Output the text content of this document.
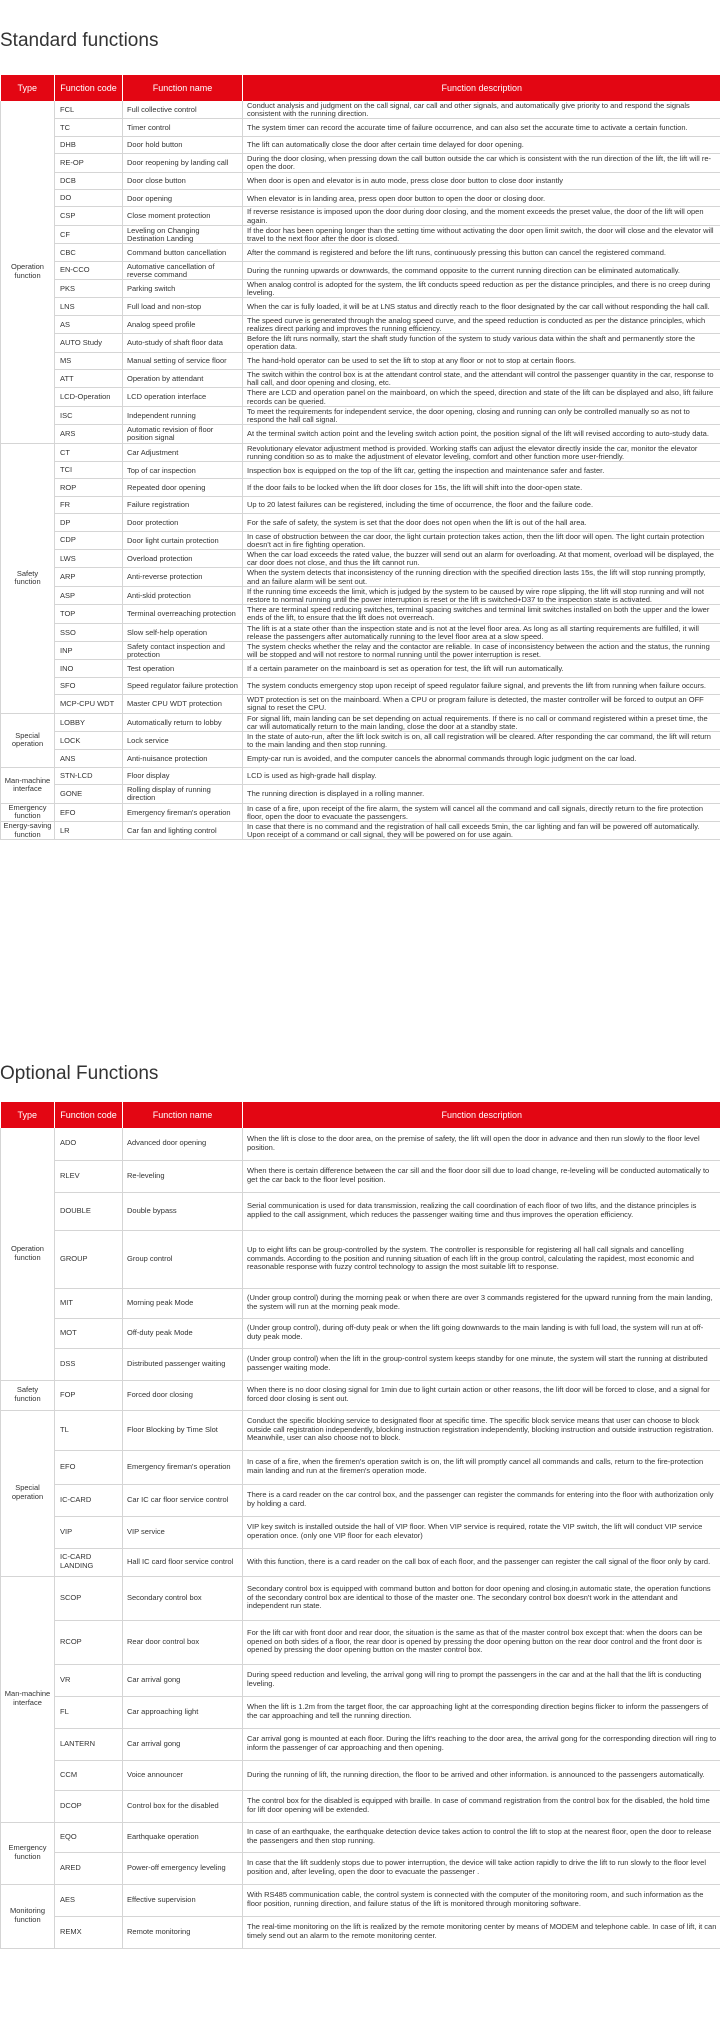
Standard functions
Type	Function code	Function name	Function description
Operation function	FCL	Full collective control	Conduct analysis and judgment on the call signal, car call and other signals, and automatically give priority to and respond the signals consistent with the running direction.
	TC	Timer control	The system timer can record the accurate time of failure occurrence, and can also set the accurate time to activate a certain function.
	DHB	Door hold button	The lift can automatically close the door after certain time delayed for door opening.
	RE-OP	Door reopening by landing call	During the door closing, when pressing down the call button outside the car which is consistent with the run direction of the lift, the lift will re-open the door.
	DCB	Door close button	When door is open and elevator is in auto mode, press close door button to close door instantly
	DO	Door opening	When elevator is in landing area, press open door button to open the door or closing door.
	CSP	Close moment protection	If reverse resistance is imposed upon the door during door closing, and the moment exceeds the preset value, the door of the lift will open again.
	CF	Leveling on Changing Destination Landing	If the door has been opening longer than the setting time without activating the door open limit switch, the door will close and the elevator will travel to the next floor after the door is closed.
	CBC	Command button cancellation	After the command is registered and before the lift runs, continuously pressing this button can cancel the registered command.
	EN-CCO	Automative cancellation of reverse command	During the running upwards or downwards, the command opposite to the current running direction can be eliminated automatically.
	PKS	Parking switch	When analog control is adopted for the system, the lift conducts speed reduction as per the distance principles, and there is no creep during leveling.
	LNS	Full load and non-stop	When the car is fully loaded, it will be at LNS status and directly reach to the floor designated by the car call without responding the hall call.
	AS	Analog speed profile	The speed curve is generated through the analog speed curve, and the speed reduction is conducted as per the distance principles, which realizes direct parking and improves the running efficiency.
	AUTO Study	Auto-study of shaft floor data	Before the lift runs normally, start the shaft study function of the system to study various data within the shaft and permanently store the operation data.
	MS	Manual setting of service floor	The hand-hold operator can be used to set the lift to stop at any floor or not to stop at certain floors.
	ATT	Operation by attendant	The switch within the control box is at the attendant control state, and the attendant will control the passenger quantity in the car, response to hall call, and door opening and closing, etc.
	LCD-Operation	LCD operation interface	There are LCD and operation panel on the mainboard, on which the speed, direction and state of the lift can be displayed and also, lift failure records can be queried.
	ISC	Independent running	To meet the requirements for independent service, the door opening, closing and running can only be controlled manually so as not to respond the hall call signal.
	ARS	Automatic revision of floor position signal	At the terminal switch action point and the leveling switch action point, the position signal of the lift will revised according to auto-study data.
Safety function	CT	Car Adjustment	Revolutionary elevator adjustment method is provided. Working staffs can adjust the elevator directly inside the car, monitor the elevator running condition so as to make the adjustment of elevator leveling, comfort and other function more user-friendly.
	TCI	Top of car inspection	Inspection box is equipped on the top of the lift car, getting the inspection and maintenance safer and faster.
	ROP	Repeated door opening	If the door fails to be locked when the lift door closes for 15s, the lift will shift into the door-open state.
	FR	Failure registration	Up to 20 latest failures can be registered, including the time of occurrence, the floor and the failure code.
	DP	Door protection	For the safe of safety, the system is set that the door does not open when the lift is out of the hall area.
	CDP	Door light curtain protection	In case of obstruction between the car door, the light curtain protection takes action, then the lift door will open. The light curtain protection doesn't act in fire fighting operation.
	LWS	Overload protection	When the car load exceeds the rated value, the buzzer will send out an alarm for overloading. At that moment, overload will be displayed, the car door does not close, and thus the lift cannot run.
	ARP	Anti-reverse protection	When the system detects that inconsistency of the running direction with the specified direction lasts 15s, the lift will stop running promptly, and an failure alarm will be sent out.
	ASP	Anti-skid protection	If the running time exceeds the limit, which is judged by the system to be caused by wire rope slipping, the lift will stop running and will not restore to normal running until the power interruption is reset or the lift is switched+D37 to the inspection state is activated.
	TOP	Terminal overreaching protection	There are terminal speed reducing switches, terminal spacing switches and terminal limit switches installed on both the upper and the lower ends of the lift, to ensure that the lift does not overreach.
	SSO	Slow self-help operation	The lift is at a state other than the inspection state and is not at the level floor area. As long as all starting requirements are fulfilled, it will release the passengers after automatically running to the level floor area at a slow speed.
	INP	Safety contact inspection and protection	The system checks whether the relay and the contactor are reliable. In case of inconsistency between the action and the status, the running will be stopped and will not restore to normal running until the power interruption is reset.
	INO	Test operation	If a certain parameter on the mainboard is set as operation for test, the lift will run automatically.
	SFO	Speed regulator failure protection	The system conducts emergency stop upon receipt of speed regulator failure signal, and prevents the lift from running when failure occurs.
	MCP-CPU WDT	Master CPU WDT protection	WDT protection is set on the mainboard. When a CPU or program failure is detected, the master controller will be forced to output an OFF signal to reset the CPU.
Special operation	LOBBY	Automatically return to lobby	For signal lift, main landing can be set depending on actual requirements. If there is no call or command registered within a preset time, the car will automatically return to the main landing, close the door at a standby state.
	LOCK	Lock service	In the state of auto-run, after the lift lock switch is on, all call registration will be cleared. After responding the car command, the lift will return to the main landing and then stop running.
	ANS	Anti-nuisance protection	Empty-car run is avoided, and the computer cancels the abnormal commands through logic judgment on the car load.
Man-machine interface	STN-LCD	Floor display	LCD is used as high-grade hall display.
	GONE	Rolling display of running direction	The running direction is displayed in a rolling manner.
Emergency function	EFO	Emergency fireman's operation	In case of a fire, upon receipt of the fire alarm, the system will cancel all the command and call signals, directly return to the fire protection floor, open the door to evacuate the passengers.
Energy-saving function	LR	Car fan and lighting control	In case that there is no command and the registration of hall call exceeds 5min, the car lighting and fan will be powered off automatically. Upon receipt of a command or call signal, they will be powered on for use again.
Optional Functions
Type	Function code	Function name	Function description
Operation function	ADO	Advanced door opening	When the lift is close to the door area, on the premise of safety, the lift will open the door in advance and then run slowly to the floor level position.
	RLEV	Re-leveling	When there is certain difference between the car sill and the floor door sill due to load change, re-leveling will be conducted automatically to get the car back to the floor level position.
	DOUBLE	Double bypass	Serial communication is used for data transmission, realizing the call coordination of each floor of two lifts, and the distance principles is applied to the call assignment, which reduces the passenger waiting time and thus improves the operation efficiency.
	GROUP	Group control	Up to eight lifts can be group-controlled by the system. The controller is responsible for registering all hall call signals and cancelling commands. According to the position and running situation of each lift in the group control, calculating the rapidest, most economic and reasonable response with fuzzy control technology to assign the most suitable lift to response.
	MIT	Morning peak Mode	(Under group control) during the morning peak or when there are over 3 commands registered for the upward running from the main landing, the system will run at the morning peak mode.
	MOT	Off-duty peak Mode	(Under group control), during off-duty peak or when the lift going downwards to the main landing is with full load, the system will run at off-duty peak mode.
	DSS	Distributed passenger waiting	(Under group control) when the lift in the group-control system keeps standby for one minute, the system will start the running at distributed passenger waiting mode.
Safety function	FOP	Forced door closing	When there is no door closing signal for 1min due to light curtain action or other reasons, the lift door will be forced to close, and a signal for forced door closing is sent out.
Special operation	TL	Floor Blocking by Time Slot	Conduct the specific blocking service to designated floor at specific time. The specific block service means that user can choose to block outside call registration independently, blocking instruction registration independently, blocking instruction and outside instruction registration. Meanwhile, user can also choose not to block.
	EFO	Emergency fireman's operation	In case of a fire, when the firemen's operation switch is on, the lift will promptly cancel all commands and calls, return to the fire-protection main landing and run at the firemen's operation mode.
	IC-CARD	Car IC car floor service control	There is a card reader on the car control box, and the passenger can register the commands for entering into the floor with authorization only by holding a card.
	VIP	VIP service	VIP key switch is installed outside the hall of VIP floor. When VIP service is required, rotate the VIP switch, the lift will conduct VIP service operation once. (only one VIP floor for each elevator)
	IC-CARD LANDING	Hall IC card floor service control	With this function, there is a card reader on the call box of each floor, and the passenger can register the call signal of the floor only by card.
Man-machine interface	SCOP	Secondary control box	Secondary control box is equipped with command button and botton for door opening and closing,in automatic state, the operation functions of the secondary control box are identical to those of the master one. The secondary control box doesn't work in the attendant and independent run state.
	RCOP	Rear door control box	For the lift car with front door and rear door, the situation is the same as that of the master control box except that: when the doors can be opened on both sides of a floor, the rear door is opened by pressing the door opening button on the rear door control and the front door is opened by pressing the door opening button on the master control box.
	VR	Car arrival gong	During speed reduction and leveling, the arrival gong will ring to prompt the passengers in the car and at the hall that the lift is conducting leveling.
	FL	Car approaching light	When the lift is 1.2m from the target floor, the car approaching light at the corresponding direction begins flicker to inform the passengers of the car approaching and tell the running direction.
	LANTERN	Car arrival gong	Car arrival gong is mounted at each floor. During the lift's reaching to the door area, the arrival gong for the corresponding direction will ring to inform the passenger of car approaching and then opening.
	CCM	Voice announcer	During the running of lift, the running direction, the floor to be arrived and other information. is announced to the passengers automatically.
	DCOP	Control box for the disabled	The control box for the disabled is equipped with braille. In case of command registration from the control box for the disabled, the hold time for lift door opening will be extended.
Emergency function	EQO	Earthquake operation	In case of an earthquake, the earthquake detection device takes action to control the lift to stop at the nearest floor, open the door to release the passengers and then stop running.
	ARED	Power-off emergency leveling	In case that the lift suddenly stops due to power interruption, the device will take action rapidly to drive the lift to run slowly to the floor level position and, after leveling, open the door to evacuate the passenger .
Monitoring function	AES	Effective supervision	With RS485 communication cable, the control system is connected with the computer of the monitoring room, and such information as the floor position, running direction, and failure status of the lift is monitored through monitoring software.
	REMX	Remote monitoring	The real-time monitoring on the lift is realized by the remote monitoring center by means of MODEM and telephone cable. In case of lift, it can timely send out an alarm to the remote monitoring center.
